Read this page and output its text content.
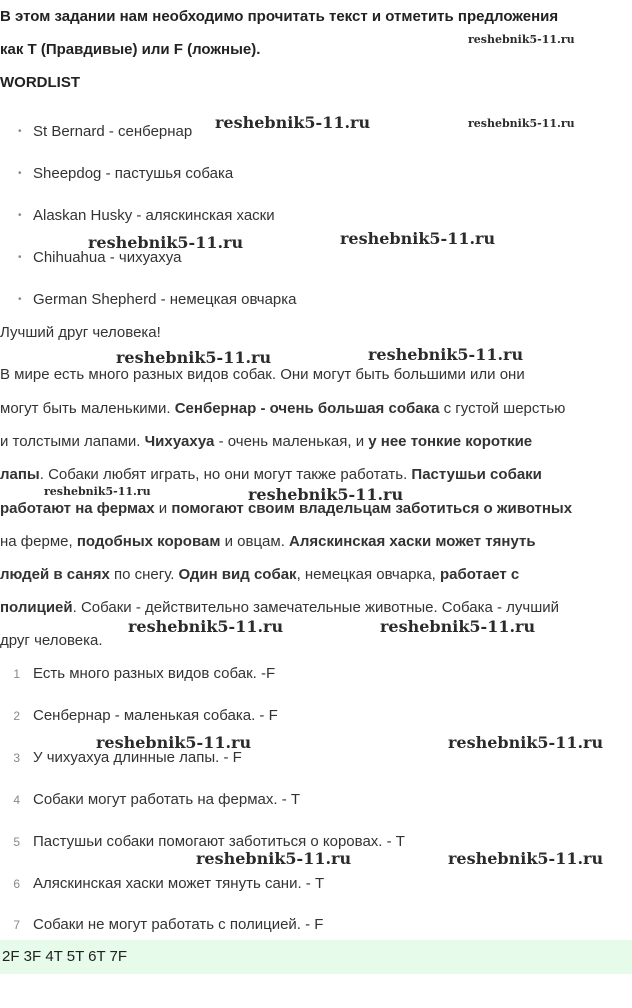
В этом задании нам необходимо прочитать текст и отметить предложения
как T (Правдивые) или F (ложные).
WORDLIST
• St Bernard - сенбернар
• Sheepdog - пастушья собака
• Alaskan Husky - аляскинская хаски
• Chihuahua - чихуахуа
• German Shepherd - немецкая овчарка
Лучший друг человека!
В мире есть много разных видов собак. Они могут быть большими или они
могут быть маленькими. Сенбернар - очень большая собака с густой шерстью
и толстыми лапами. Чихуахуа - очень маленькая, и у нее тонкие короткие
лапы. Собаки любят играть, но они могут также работать. Пастушьи собаки
работают на фермах и помогают своим владельцам заботиться о животных
на ферме, подобных коровам и овцам. Аляскинская хаски может тянуть
людей в санях по снегу. Один вид собак, немецкая овчарка, работает с
полицией. Собаки - действительно замечательные животные. Собака - лучший
друг человека.
1 Есть много разных видов собак. -F
2 Сенбернар - маленькая собака. - F
3 У чихуахуа длинные лапы. - F
4 Собаки могут работать на фермах. - T
5 Пастушьи собаки помогают заботиться о коровах. - T
6 Аляскинская хаски может тянуть сани. - T
7 Собаки не могут работать с полицией. - F
2F 3F 4T 5T 6T 7F
reshebnik5-11.ru
reshebnik5-11.ru	reshebnik5-11.ru
reshebnik5-11.ru	reshebnik5-11.ru
reshebnik5-11.ru	reshebnik5-11.ru
reshebnik5-11.ru	reshebnik5-11.ru
reshebnik5-11.ru	reshebnik5-11.ru
reshebnik5-11.ru	reshebnik5-11.ru
reshebnik5-11.ru	reshebnik5-11.ru
